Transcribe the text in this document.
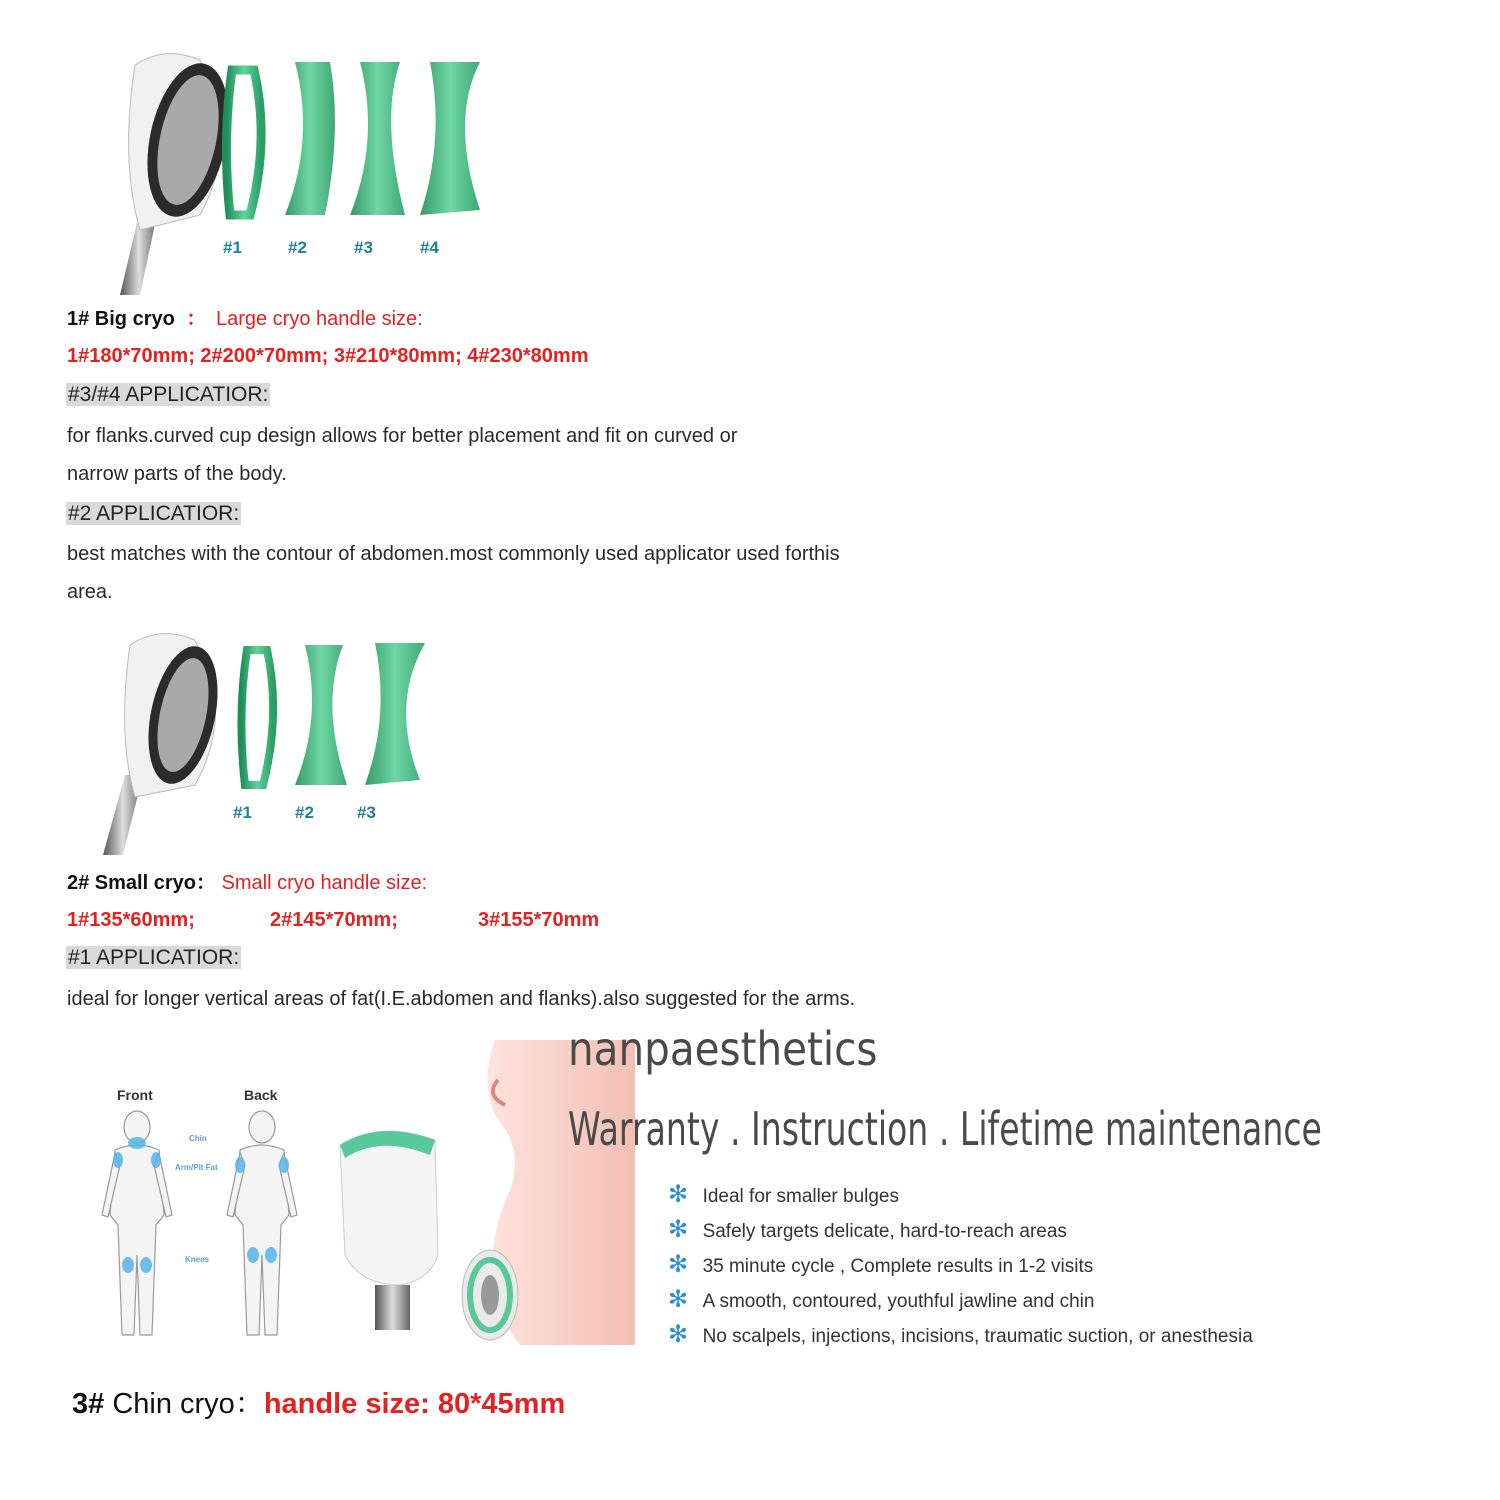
#1	#2	#3	#4
1# Big cryo ： Large cryo handle size:
1#180*70mm; 2#200*70mm; 3#210*80mm; 4#230*80mm
#3/#4 APPLICATIOR:
for flanks.curved cup design allows for better placement and fit on curved or
narrow parts of the body.
#2 APPLICATIOR:
best matches with the contour of abdomen.most commonly used applicator used forthis
area.
#1	#2	#3
2# Small cryo： Small cryo handle size:
1#135*60mm;	2#145*70mm;	3#155*70mm
#1 APPLICATIOR:
ideal for longer vertical areas of fat(I.E.abdomen and flanks).also suggested for the arms.
Front	Back
Chin
Arm/Pit Fat
Knees
nanpaesthetics
Warranty . Instruction . Lifetime maintenance
✻ Ideal for smaller bulges
✻ Safely targets delicate, hard-to-reach areas
✻ 35 minute cycle , Complete results in 1-2 visits
✻ A smooth, contoured, youthful jawline and chin
✻ No scalpels, injections, incisions, traumatic suction, or anesthesia
3# Chin cryo：handle size: 80*45mm
